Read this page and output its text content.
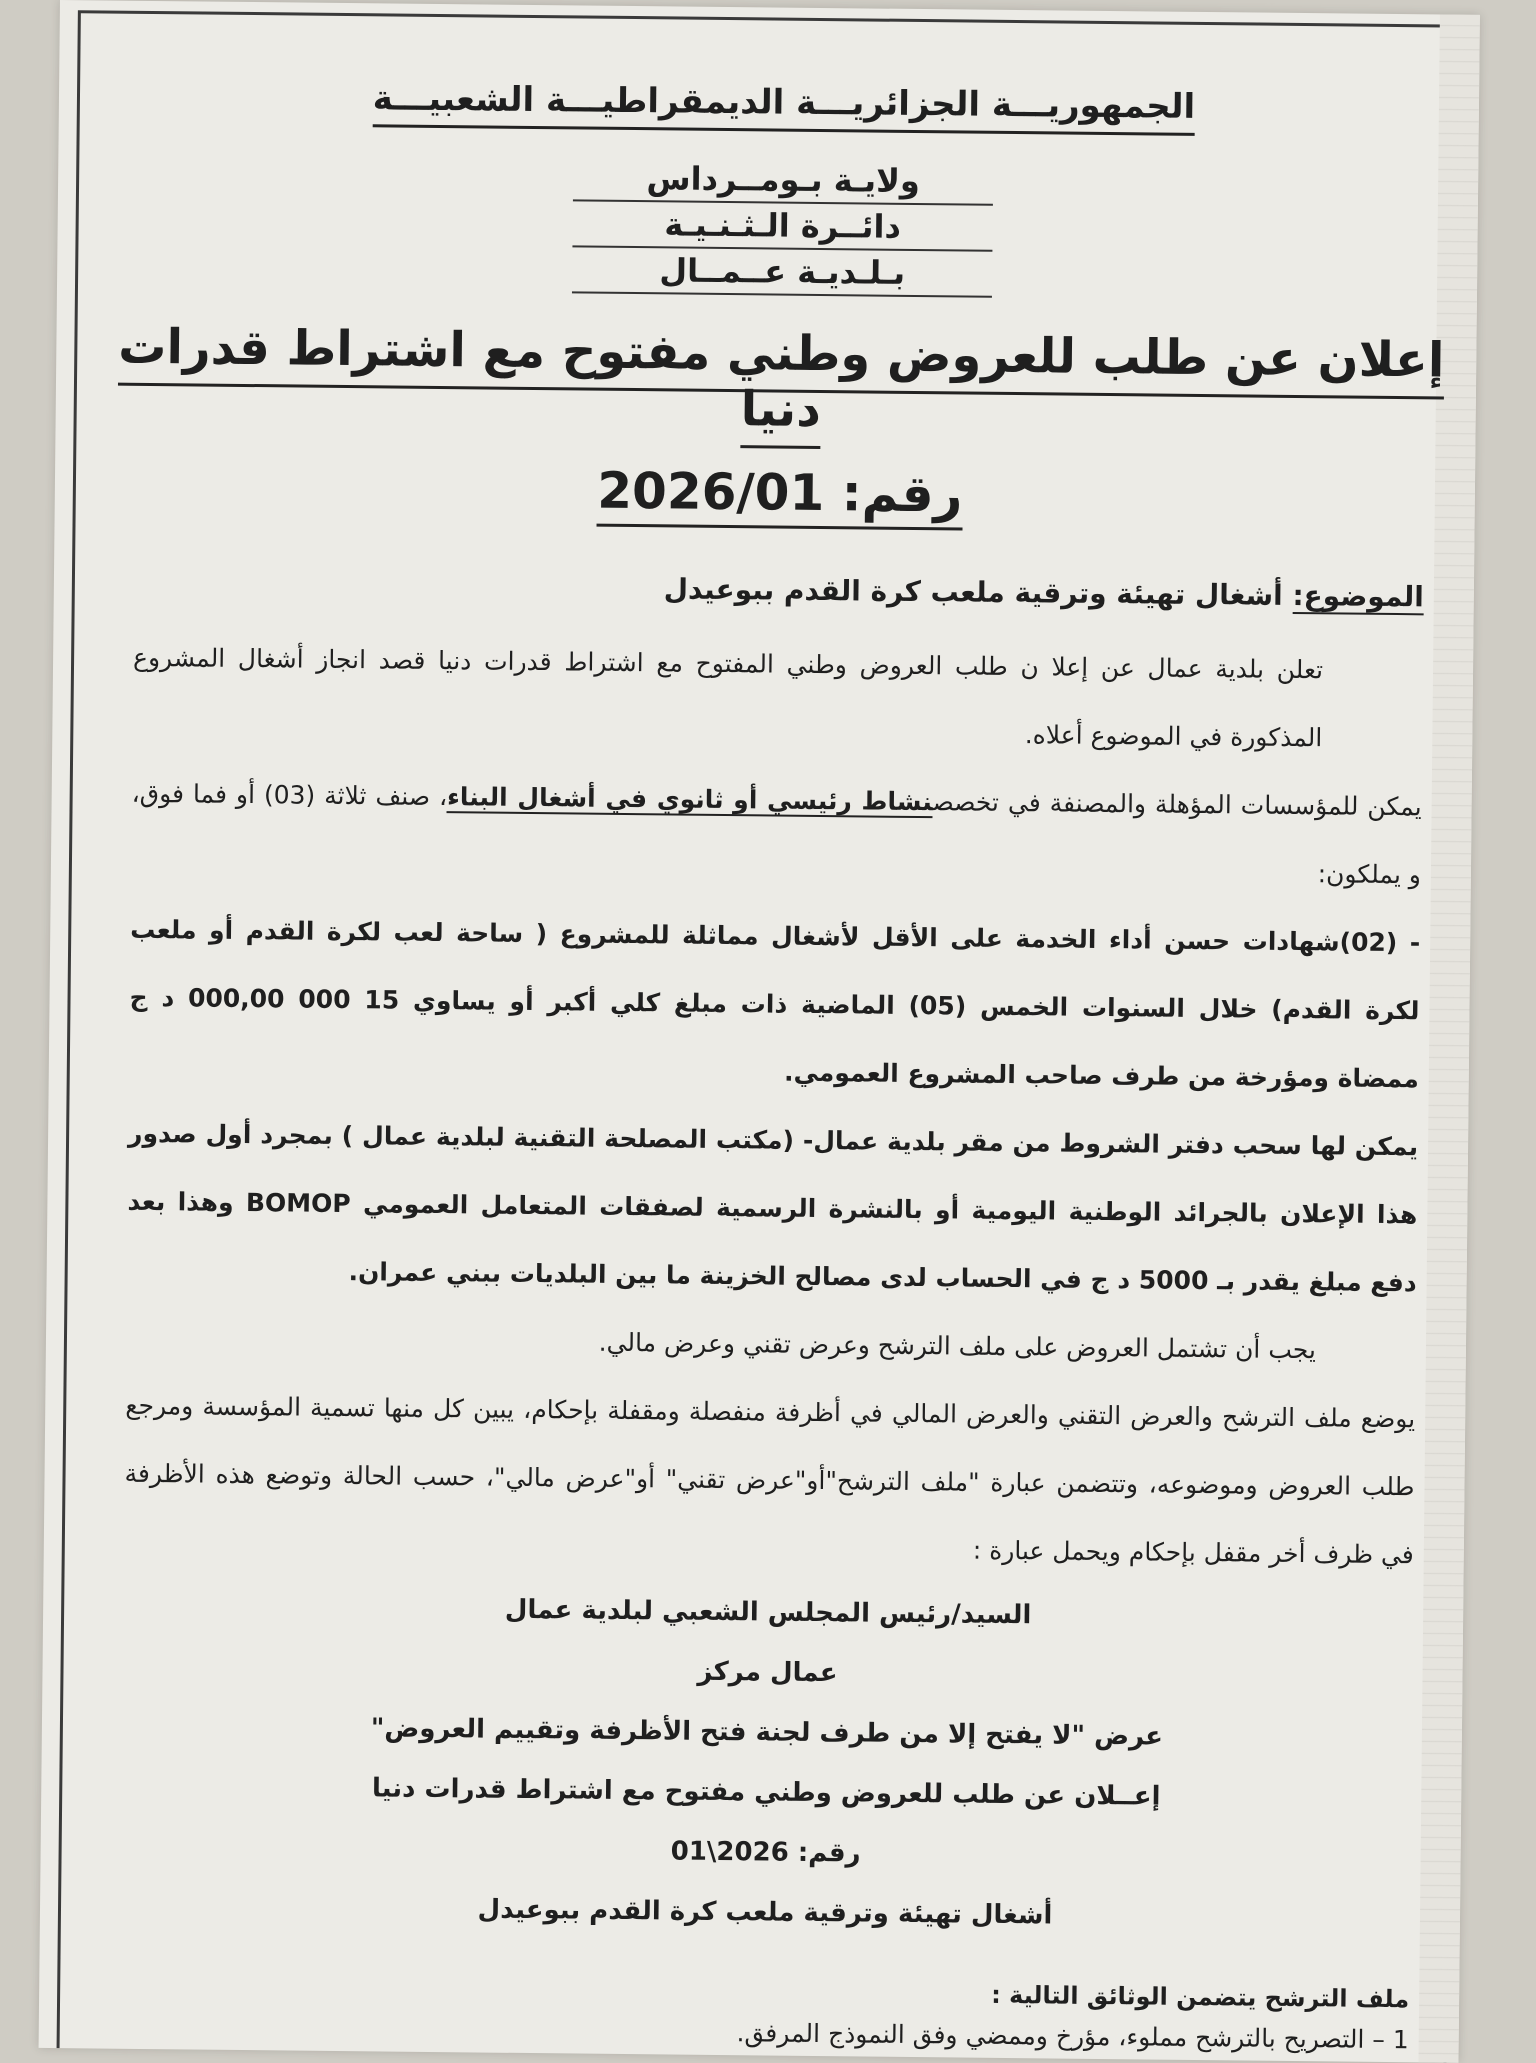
الجمهوريـــة الجزائريـــة الديمقراطيـــة الشعبيـــة
ولايـة بـومــرداس
دائــرة الـثـنـيـة
بـلـديـة عــمــال
إعلان عن طلب للعروض وطني مفتوح مع اشتراط قدرات دنيا
رقم: 2026/01
الموضوع: أشغال تهيئة وترقية ملعب كرة القدم ببوعيدل
تعلن بلدية عمال عن إعلا ن طلب العروض وطني المفتوح مع اشتراط قدرات دنيا قصد انجاز أشغال المشروع المذكورة في الموضوع أعلاه.
يمكن للمؤسسات المؤهلة والمصنفة في تخصصنشاط رئيسي أو ثانوي في أشغال البناء، صنف ثلاثة (03) أو فما فوق، و يملكون:
- (02)شهادات حسن أداء الخدمة على الأقل لأشغال مماثلة للمشروع ( ساحة لعب لكرة القدم أو ملعب لكرة القدم) خلال السنوات الخمس (05) الماضية ذات مبلغ كلي أكبر أو يساوي 15 000 000,00 د ج ممضاة ومؤرخة من طرف صاحب المشروع العمومي.
يمكن لها سحب دفتر الشروط من مقر بلدية عمال- (مكتب المصلحة التقنية لبلدية عمال ) بمجرد أول صدور هذا الإعلان بالجرائد الوطنية اليومية أو بالنشرة الرسمية لصفقات المتعامل العمومي BOMOP وهذا بعد دفع مبلغ يقدر بـ 5000 د ج في الحساب لدى مصالح الخزينة ما بين البلديات ببني عمران.
يجب أن تشتمل العروض على ملف الترشح وعرض تقني وعرض مالي.
يوضع ملف الترشح والعرض التقني والعرض المالي في أظرفة منفصلة ومقفلة بإحكام، يبين كل منها تسمية المؤسسة ومرجع طلب العروض وموضوعه، وتتضمن عبارة "ملف الترشح"أو"عرض تقني" أو"عرض مالي"، حسب الحالة وتوضع هذه الأظرفة في ظرف أخر مقفل بإحكام ويحمل عبارة :
السيد/رئيس المجلس الشعبي لبلدية عمال
عمال مركز
عرض "لا يفتح إلا من طرف لجنة فتح الأظرفة وتقييم العروض"
إعــلان عن طلب للعروض وطني مفتوح مع اشتراط قدرات دنيا
رقم: 2026\01
أشغال تهيئة وترقية ملعب كرة القدم ببوعيدل
ملف الترشح يتضمن الوثائق التالية :
1 – التصريح بالترشح مملوء، مؤرخ وممضي وفق النموذج المرفق.
